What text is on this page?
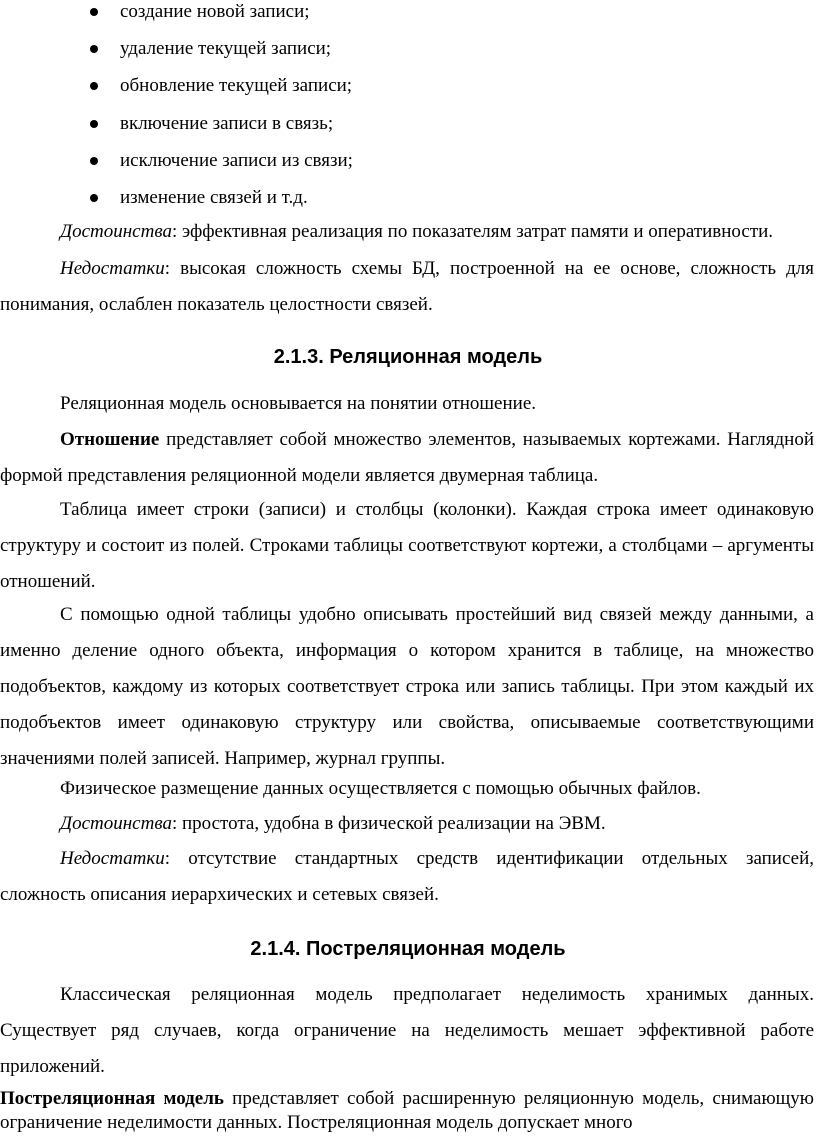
создание новой записи;
удаление текущей записи;
обновление текущей записи;
включение записи в связь;
исключение записи из связи;
изменение связей и т.д.

Достоинства: эффективная реализация по показателям затрат памяти и оперативности.

Недостатки: высокая сложность схемы БД, построенной на ее основе, сложность для понимания, ослаблен показатель целостности связей.

2.1.3. Реляционная модель

Реляционная модель основывается на понятии отношение.

Отношение представляет собой множество элементов, называемых кортежами. Наглядной формой представления реляционной модели является двумерная таблица.

Таблица имеет строки (записи) и столбцы (колонки). Каждая строка имеет одинаковую структуру и состоит из полей. Строками таблицы соответствуют кортежи, а столбцами – аргументы отношений.

С помощью одной таблицы удобно описывать простейший вид связей между данными, а именно деление одного объекта, информация о котором хранится в таблице, на множество подобъектов, каждому из которых соответствует строка или запись таблицы. При этом каждый их подобъектов имеет одинаковую структуру или свойства, описываемые соответствующими значениями полей записей. Например, журнал группы.

Физическое размещение данных осуществляется с помощью обычных файлов.

Достоинства: простота, удобна в физической реализации на ЭВМ.

Недостатки: отсутствие стандартных средств идентификации отдельных записей, сложность описания иерархических и сетевых связей.

2.1.4. Постреляционная модель

Классическая реляционная модель предполагает неделимость хранимых данных. Существует ряд случаев, когда ограничение на неделимость мешает эффективной работе приложений.

Постреляционная модель представляет собой расширенную реляционную модель, снимающую ограничение неделимости данных. Постреляционная модель допускает много
